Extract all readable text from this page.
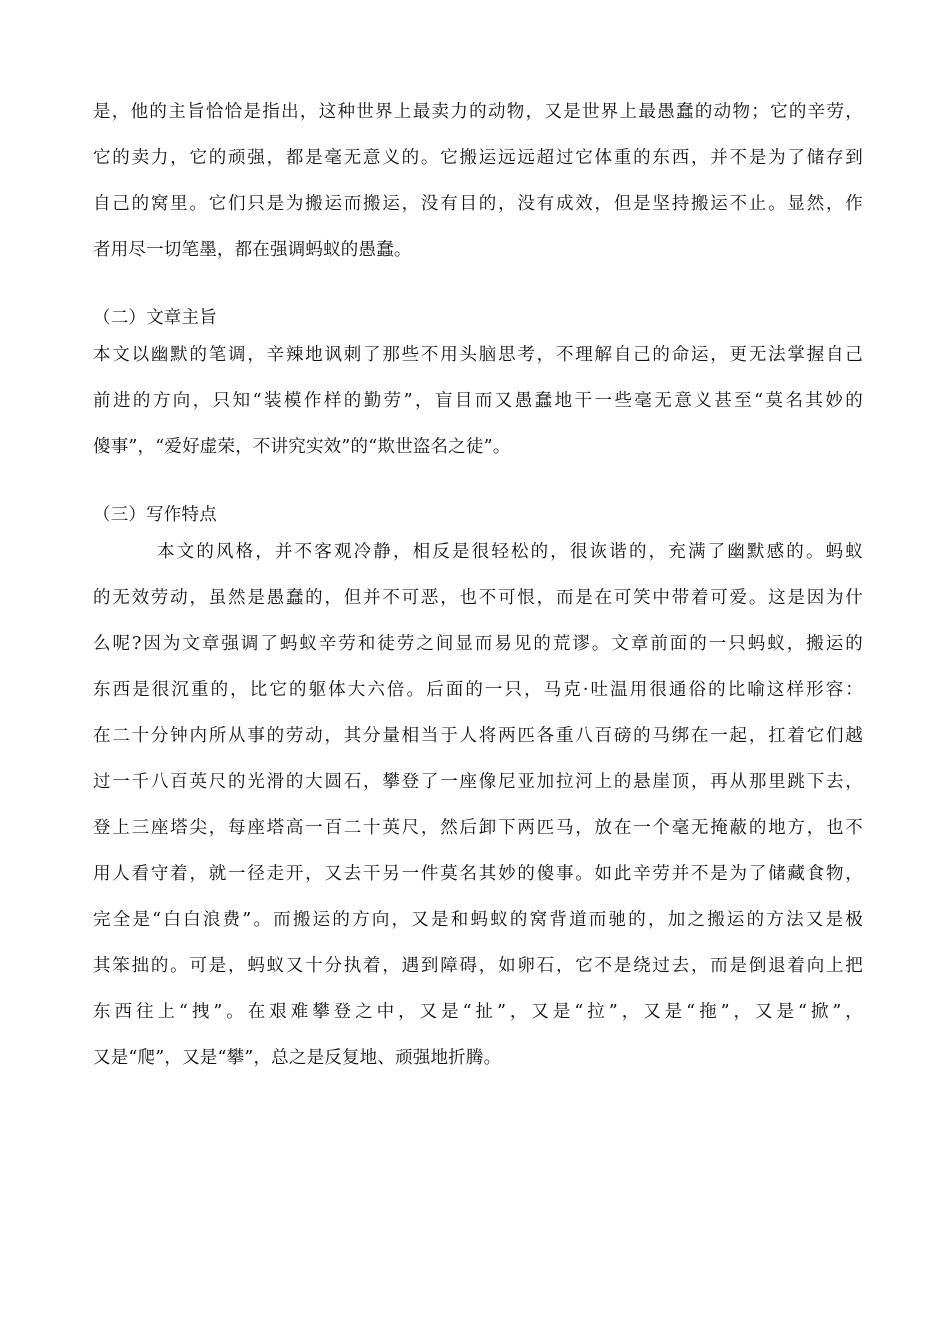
是，他的主旨恰恰是指出，这种世界上最卖力的动物，又是世界上最愚蠢的动物；它的辛劳，
它的卖力，它的顽强，都是毫无意义的。它搬运远远超过它体重的东西，并不是为了储存到
自己的窝里。它们只是为搬运而搬运，没有目的，没有成效，但是坚持搬运不止。显然，作
者用尽一切笔墨，都在强调蚂蚁的愚蠢。
（二）文章主旨
本文以幽默的笔调，辛辣地讽刺了那些不用头脑思考，不理解自己的命运，更无法掌握自己
前进的方向，只知“装模作样的勤劳”，盲目而又愚蠢地干一些毫无意义甚至“莫名其妙的
傻事”，“爱好虚荣，不讲究实效”的“欺世盗名之徒”。
（三）写作特点
本文的风格，并不客观冷静，相反是很轻松的，很诙谐的，充满了幽默感的。蚂蚁
的无效劳动，虽然是愚蠢的，但并不可恶，也不可恨，而是在可笑中带着可爱。这是因为什
么呢?因为文章强调了蚂蚁辛劳和徒劳之间显而易见的荒谬。文章前面的一只蚂蚁，搬运的
东西是很沉重的，比它的躯体大六倍。后面的一只，马克·吐温用很通俗的比喻这样形容：
在二十分钟内所从事的劳动，其分量相当于人将两匹各重八百磅的马绑在一起，扛着它们越
过一千八百英尺的光滑的大圆石，攀登了一座像尼亚加拉河上的悬崖顶，再从那里跳下去，
登上三座塔尖，每座塔高一百二十英尺，然后卸下两匹马，放在一个毫无掩蔽的地方，也不
用人看守着，就一径走开，又去干另一件莫名其妙的傻事。如此辛劳并不是为了储藏食物，
完全是“白白浪费”。而搬运的方向，又是和蚂蚁的窝背道而驰的，加之搬运的方法又是极
其笨拙的。可是，蚂蚁又十分执着，遇到障碍，如卵石，它不是绕过去，而是倒退着向上把
东西往上“拽”。在艰难攀登之中，又是“扯”，又是“拉”，又是“拖”，又是“掀”，
又是“爬”，又是“攀”，总之是反复地、顽强地折腾。
